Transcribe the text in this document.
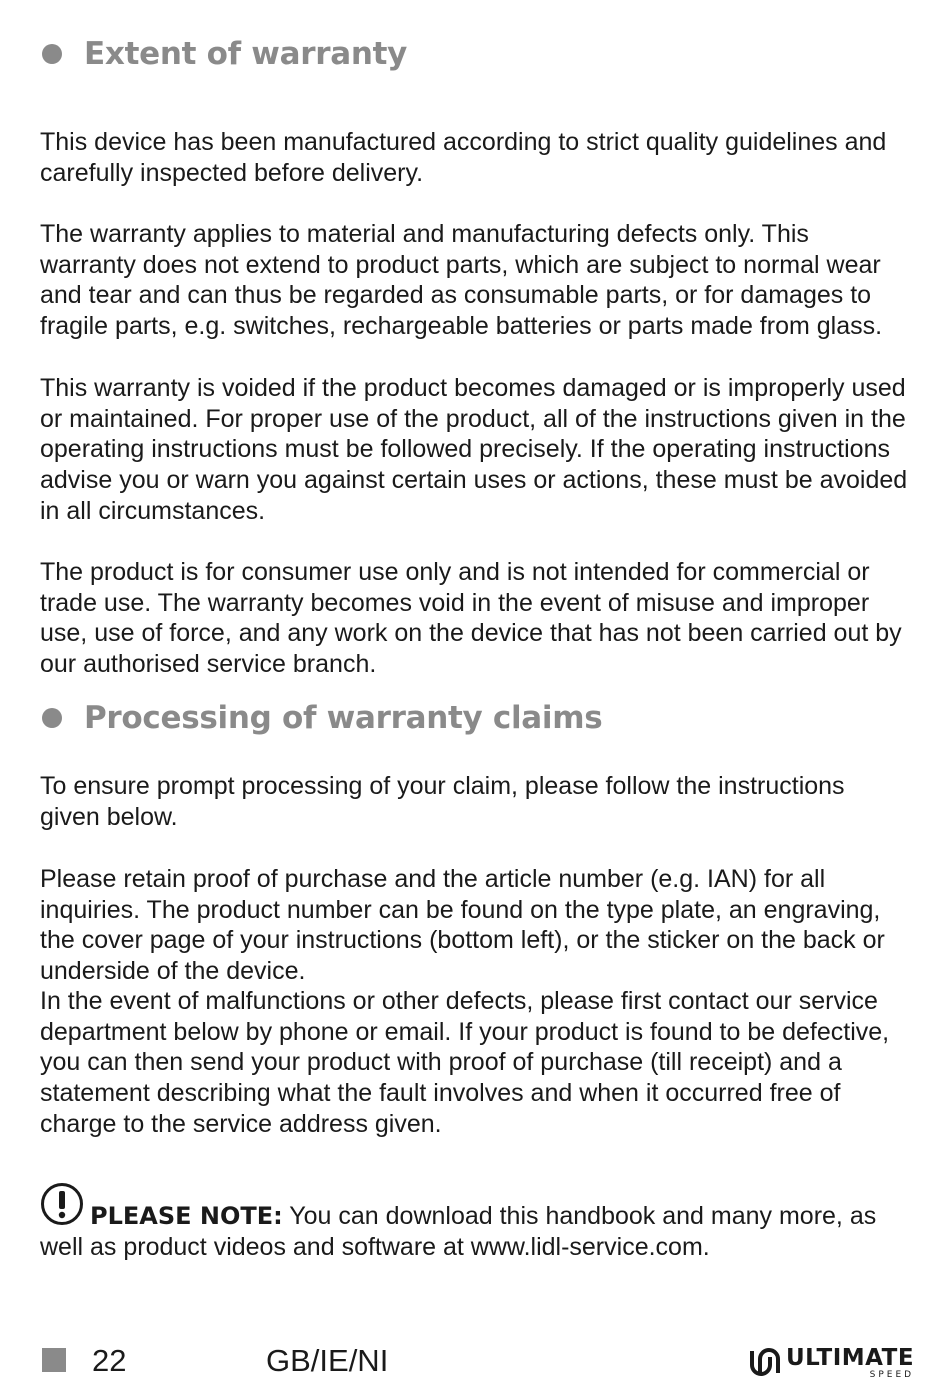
Extent of warranty

This device has been manufactured according to strict quality guidelines and carefully inspected before delivery.

The warranty applies to material and manufacturing defects only. This warranty does not extend to product parts, which are subject to normal wear and tear and can thus be regarded as consumable parts, or for damages to fragile parts, e.g. switches, rechargeable batteries or parts made from glass.

This warranty is voided if the product becomes damaged or is improperly used or maintained. For proper use of the product, all of the instructions given in the operating instructions must be followed precisely. If the operating instructions advise you or warn you against certain uses or actions, these must be avoided in all circumstances.

The product is for consumer use only and is not intended for commercial or trade use. The warranty becomes void in the event of misuse and improper use, use of force, and any work on the device that has not been carried out by our authorised service branch.

Processing of warranty claims

To ensure prompt processing of your claim, please follow the instructions given below.

Please retain proof of purchase and the article number (e.g. IAN) for all inquiries. The product number can be found on the type plate, an engraving, the cover page of your instructions (bottom left), or the sticker on the back or underside of the device.

In the event of malfunctions or other defects, please first contact our service department below by phone or email. If your product is found to be defective, you can then send your product with proof of purchase (till receipt) and a statement describing what the fault involves and when it occurred free of charge to the service address given.

PLEASE NOTE: You can download this handbook and many more, as well as product videos and software at www.lidl-service.com.

22	GB/IE/NI	ULTIMATE
SPEED
